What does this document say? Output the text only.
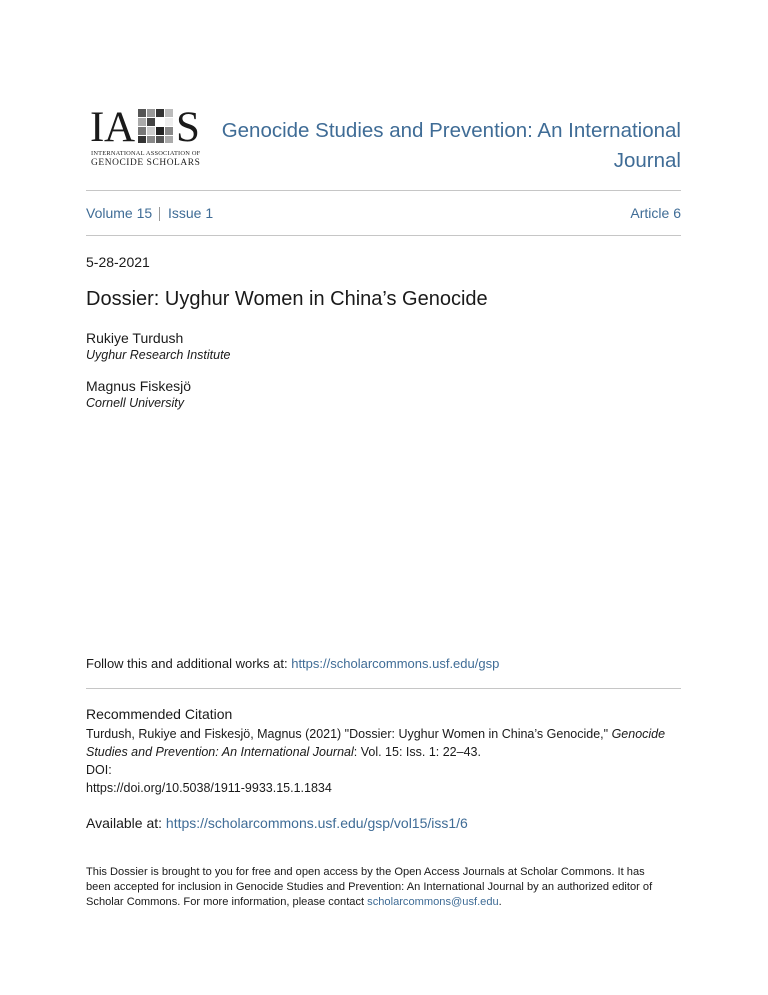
I A S
INTERNATIONAL ASSOCIATION OF
GENOCIDE SCHOLARS
Genocide Studies and Prevention: An International
Journal
Volume 15 Issue 1	Article 6
5-28-2021
Dossier: Uyghur Women in China’s Genocide
Rukiye Turdush
Uyghur Research Institute
Magnus Fiskesjö
Cornell University
Follow this and additional works at: https://scholarcommons.usf.edu/gsp
Recommended Citation
Turdush, Rukiye and Fiskesjö, Magnus (2021) "Dossier: Uyghur Women in China’s Genocide," Genocide
Studies and Prevention: An International Journal: Vol. 15: Iss. 1: 22–43.
DOI:
https://doi.org/10.5038/1911-9933.15.1.1834
Available at: https://scholarcommons.usf.edu/gsp/vol15/iss1/6
This Dossier is brought to you for free and open access by the Open Access Journals at Scholar Commons. It has
been accepted for inclusion in Genocide Studies and Prevention: An International Journal by an authorized editor of
Scholar Commons. For more information, please contact scholarcommons@usf.edu.
